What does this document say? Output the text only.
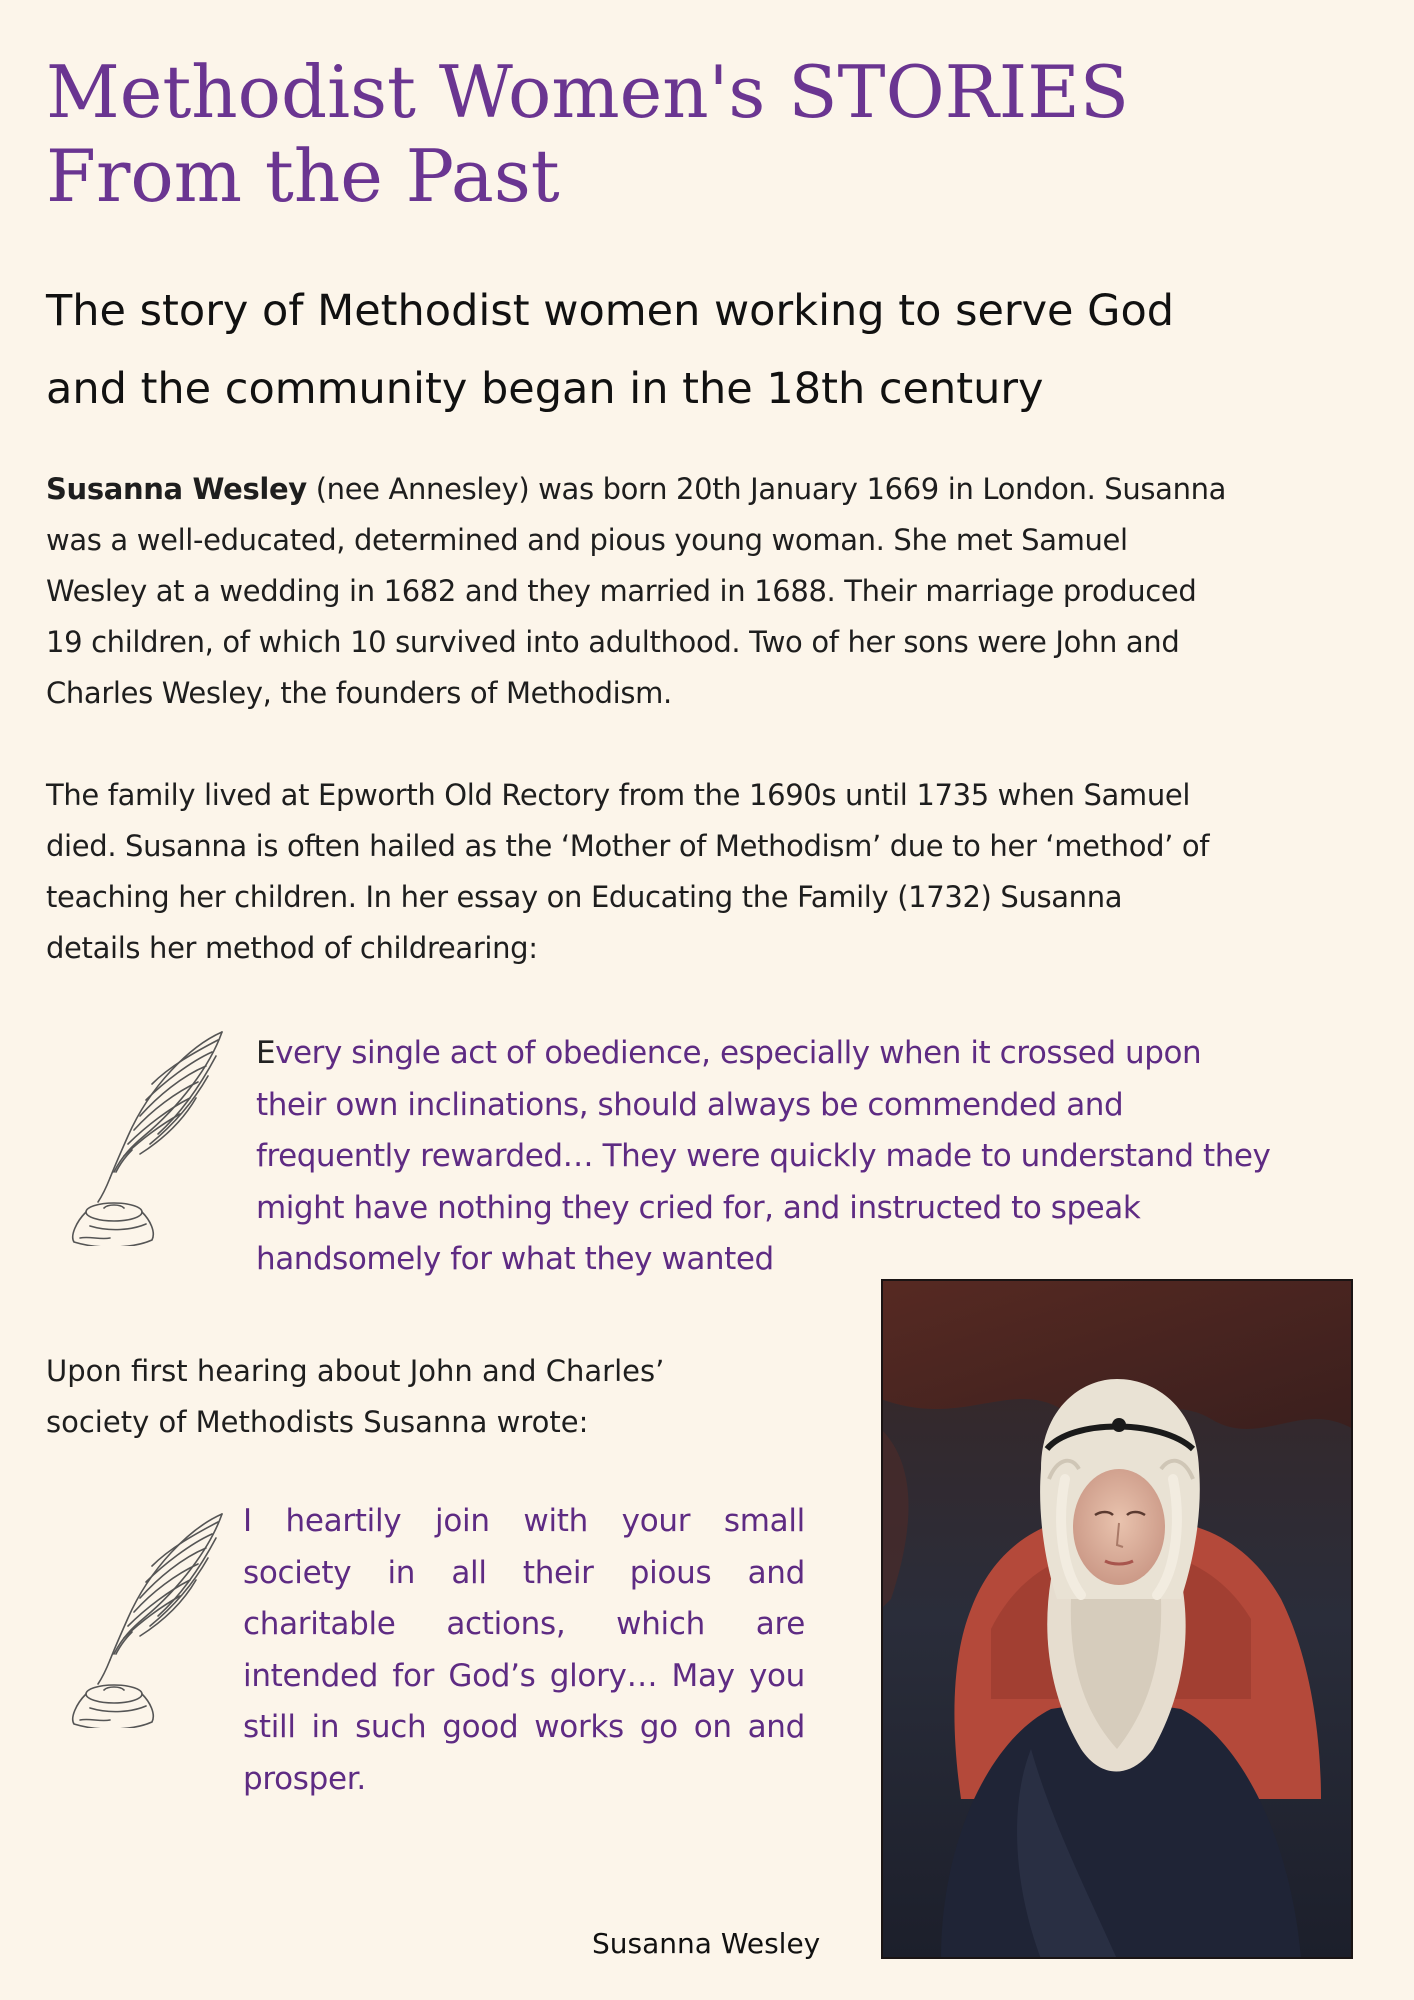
Methodist Women's STORIES
From the Past
The story of Methodist women working to serve God
and the community began in the 18th century

Susanna Wesley (nee Annesley) was born 20th January 1669 in London. Susanna
was a well-educated, determined and pious young woman. She met Samuel
Wesley at a wedding in 1682 and they married in 1688. Their marriage produced
19 children, of which 10 survived into adulthood. Two of her sons were John and
Charles Wesley, the founders of Methodism.

The family lived at Epworth Old Rectory from the 1690s until 1735 when Samuel
died. Susanna is often hailed as the ‘Mother of Methodism’ due to her ‘method’ of
teaching her children. In her essay on Educating the Family (1732) Susanna
details her method of childrearing:

Every single act of obedience, especially when it crossed upon
their own inclinations, should always be commended and
frequently rewarded… They were quickly made to understand they
might have nothing they cried for, and instructed to speak
handsomely for what they wanted

Upon first hearing about John and Charles’
society of Methodists Susanna wrote:

I heartily join with your small
society in all their pious and
charitable actions, which are
intended for God’s glory… May you
still in such good works go on and
prosper.

Susanna Wesley
